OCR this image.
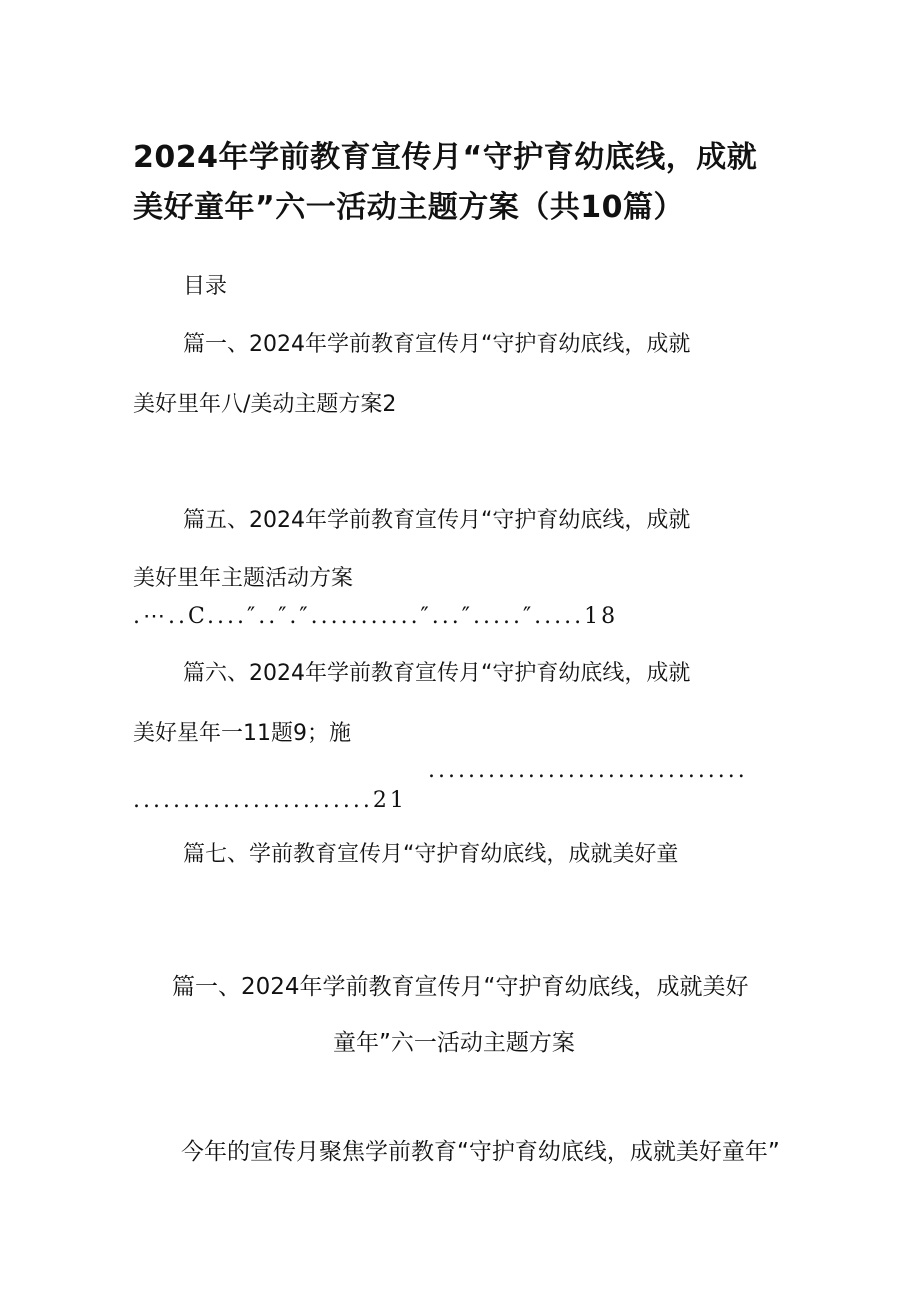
2024年学前教育宣传月“守护育幼底线，成就
美好童年”六一活动主题方案（共10篇）
目录
篇一、2024年学前教育宣传月“守护育幼底线，成就
美好里年八/美动主题方案2
篇五、2024年学前教育宣传月“守护育幼底线，成就
美好里年主题活动方案
.⋯..C....″..″.″...........″...″.....″.....18
篇六、2024年学前教育宣传月“守护育幼底线，成就
美好星年一11题9；施
................................
........................21
篇七、学前教育宣传月“守护育幼底线，成就美好童
篇一、2024年学前教育宣传月“守护育幼底线，成就美好
童年”六一活动主题方案
今年的宣传月聚焦学前教育“守护育幼底线，成就美好童年”
